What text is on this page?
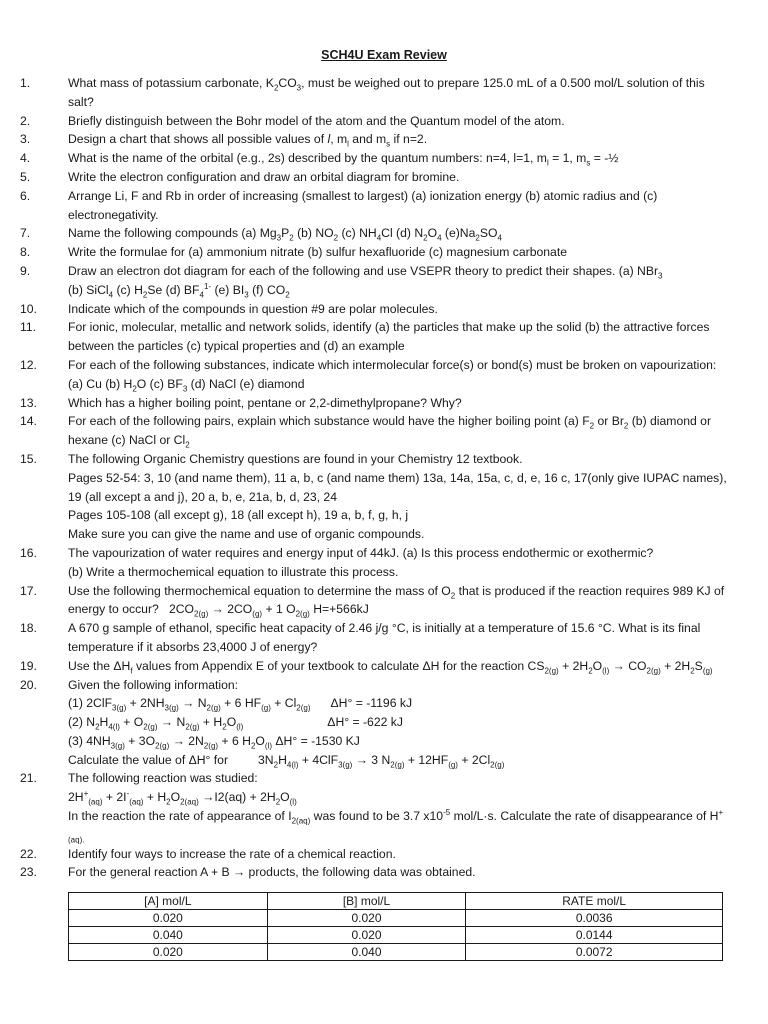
SCH4U Exam Review
1.	What mass of potassium carbonate, $K_2CO_3$, must be weighed out to prepare 125.0 mL of a 0.500 mol/L solution of this salt?
2.	Briefly distinguish between the Bohr model of the atom and the Quantum model of the atom.
3.	Design a chart that shows all possible values of l, $m_l$ and $m_s$ if n=2.
4.	What is the name of the orbital (e.g., 2s) described by the quantum numbers: n=4, l=1, $m_l = 1$, $m_s$ = -½
5.	Write the electron configuration and draw an orbital diagram for bromine.
6.	Arrange Li, F and Rb in order of increasing (smallest to largest) (a) ionization energy (b) atomic radius and (c) electronegativity.
7.	Name the following compounds (a) $Mg_3P_2$ (b) $NO_2$ (c) $NH_4Cl$ (d) $N_2O_4$ $(e)Na_2SO_4$
8.	Write the formulae for (a) ammonium nitrate (b) sulfur hexafluoride (c) magnesium carbonate
9.	Draw an electron dot diagram for each of the following and use VSEPR theory to predict their shapes. (a) NBr$_3$
(b) SiCl$_4$ (c) $H_2Se$ (d) $BF_4^{1-}$ (e) $BI_3$ (f) $CO_2$
10.	Indicate which of the compounds in question #9 are polar molecules.
11.	For ionic, molecular, metallic and network solids, identify (a) the particles that make up the solid (b) the attractive forces between the particles (c) typical properties and (d) an example
12.	For each of the following substances, indicate which intermolecular force(s) or bond(s) must be broken on vapourization: (a) Cu (b) $H_2O$ (c) $BF_3$ (d) NaCl (e) diamond
13.	Which has a higher boiling point, pentane or 2,2-dimethylpropane? Why?
14.	For each of the following pairs, explain which substance would have the higher boiling point (a) $F_2$ or $Br_2$ (b) diamond or hexane (c) NaCl or $Cl_2$
15.	The following Organic Chemistry questions are found in your Chemistry 12 textbook.
Pages 52-54: 3, 10 (and name them), 11 a, b, c (and name them) 13a, 14a, 15a, c, d, e, 16 c, 17(only give IUPAC names), 19 (all except a and j), 20 a, b, e, 21a, b, d, 23, 24
Pages 105-108 (all except g), 18 (all except h), 19 a, b, f, g, h, j
Make sure you can give the name and use of organic compounds.
16.	The vapourization of water requires and energy input of 44kJ. (a) Is this process endothermic or exothermic?
(b) Write a thermochemical equation to illustrate this process.
17.	Use the following thermochemical equation to determine the mass of $O_2$ that is produced if the reaction requires 989 KJ of energy to occur?   $2CO_{2(g)} \to 2CO_{(g)} + 1$ $O_{2(g)}$ H=+566kJ
18.	A 670 g sample of ethanol, specific heat capacity of 2.46 j/g °C, is initially at a temperature of 15.6 °C. What is its final temperature if it absorbs 23,4000 J of energy?
19.	Use the $\Delta H_f$ values from Appendix E of your textbook to calculate ΔH for the reaction $CS_{2(g)} + 2H_2O_{(l)} \to CO_{2(g)} + 2H_2S_{(g)}$
20.	Given the following information:
(1) $2ClF_{3(g)} + 2NH_{3(g)} \to N_{2(g)} + 6$ $HF_{(g)} + Cl_{2(g)}$ ΔH° = -1196 kJ
(2) $N_2H_{4(l)} + O_{2(g)} \to N_{2(g)} + H_2O_{(l)}$	ΔH° = -622 kJ
(3) $4NH_{3(g)} + 3O_{2(g)} \to 2N_{2(g)} + 6$ $H_2O_{(l)}$ ΔH° = -1530 KJ
Calculate the value of ΔH° for $3N_2H_{4(l)} + 4ClF_{3(g)} \to 3$ $N_{2(g)} + 12HF_{(g)} + 2Cl_{2(g)}$
21.	The following reaction was studied:
$2H^+_{(aq)} + 2I^-_{(aq)} + H_2O_{2(aq)} \to I2(aq) + 2H_2O_{(l)}$
In the reaction the rate of appearance of $I_{2(aq)}$ was found to be 3.7 $x10^{-5}$ mol/L·s. Calculate the rate of disappearance of $H^+_{(aq).}$
22.	Identify four ways to increase the rate of a chemical reaction.
23.	For the general reaction A + B → products, the following data was obtained.
[A] mol/L	[B] mol/L	RATE mol/L
0.020	0.020	0.0036
0.040	0.020	0.0144
0.020	0.040	0.0072
